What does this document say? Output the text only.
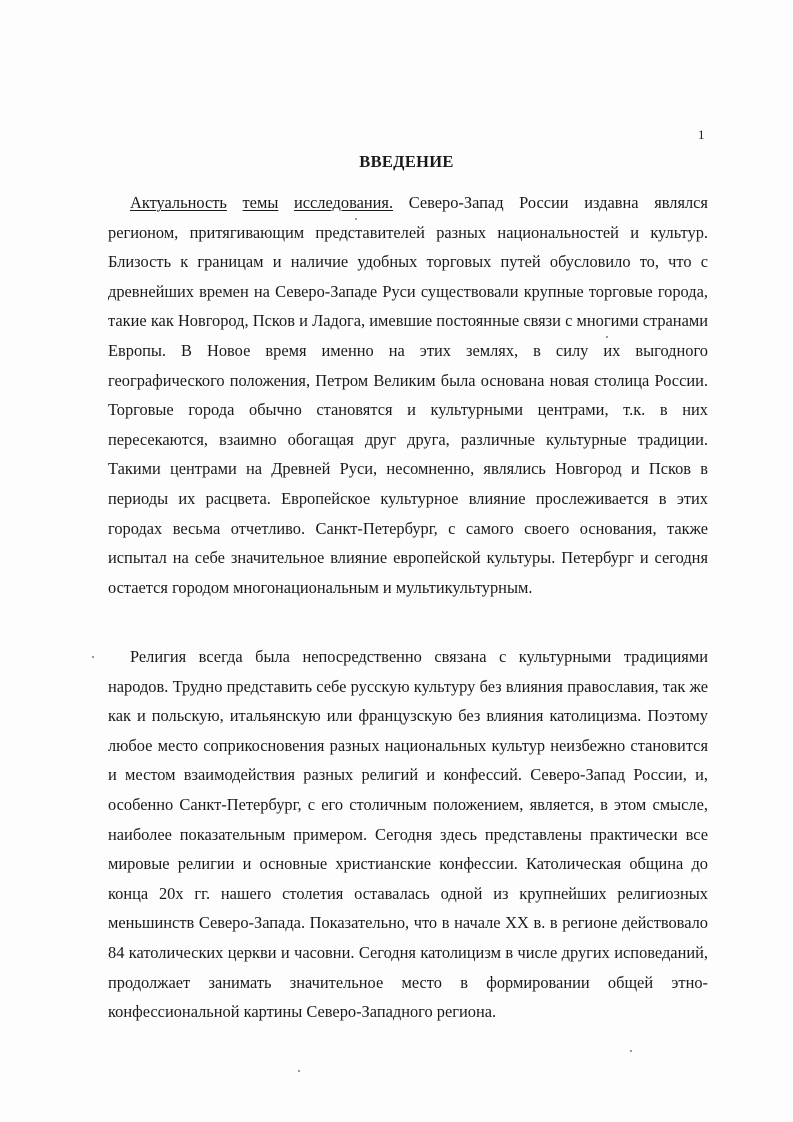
1
ВВЕДЕНИЕ
Актуальность темы исследования. Северо-Запад России издавна являлся регионом, притягивающим представителей разных национальностей и культур. Близость к границам и наличие удобных торговых путей обусловило то, что с древнейших времен на Северо-Западе Руси существовали крупные торговые города, такие как Новгород, Псков и Ладога, имевшие постоянные связи с многими странами Европы. В Новое время именно на этих землях, в силу их выгодного географического положения, Петром Великим была основана новая столица России. Торговые города обычно становятся и культурными центрами, т.к. в них пересекаются, взаимно обогащая друг друга, различные культурные традиции. Такими центрами на Древней Руси, несомненно, являлись Новгород и Псков в периоды их расцвета. Европейское культурное влияние прослеживается в этих городах весьма отчетливо. Санкт-Петербург, с самого своего основания, также испытал на себе значительное влияние европейской культуры. Петербург и сегодня остается городом многонациональным и мультикультурным.
Религия всегда была непосредственно связана с культурными традициями народов. Трудно представить себе русскую культуру без влияния православия, так же как и польскую, итальянскую или французскую без влияния католицизма. Поэтому любое место соприкосновения разных национальных культур неизбежно становится и местом взаимодействия разных религий и конфессий. Северо-Запад России, и, особенно Санкт-Петербург, с его столичным положением, является, в этом смысле, наиболее показательным примером. Сегодня здесь представлены практически все мировые религии и основные христианские конфессии. Католическая община до конца 20х гг. нашего столетия оставалась одной из крупнейших религиозных меньшинств Северо-Запада. Показательно, что в начале XX в. в регионе действовало 84 католических церкви и часовни. Сегодня католицизм в числе других исповеданий, продолжает занимать значительное место в формировании общей этно-конфессиональной картины Северо-Западного региона.
